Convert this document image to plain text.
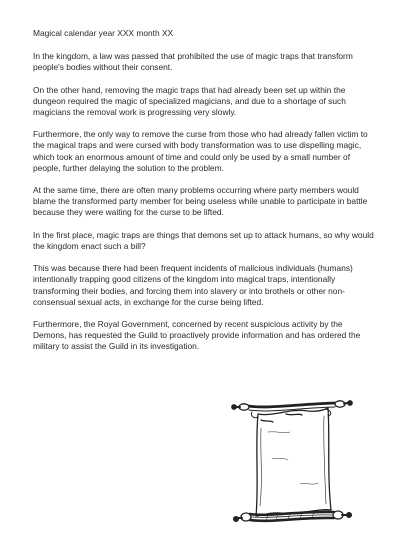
Magical calendar year XXX month XX

In the kingdom, a law was passed that prohibited the use of magic traps that transform people's bodies without their consent.

On the other hand, removing the magic traps that had already been set up within the dungeon required the magic of specialized magicians, and due to a shortage of such magicians the removal work is progressing very slowly.

Furthermore, the only way to remove the curse from those who had already fallen victim to the magical traps and were cursed with body transformation was to use dispelling magic, which took an enormous amount of time and could only be used by a small number of people, further delaying the solution to the problem.

At the same time, there are often many problems occurring where party members would blame the transformed party member for being useless while unable to participate in battle because they were waiting for the curse to be lifted.

In the first place, magic traps are things that demons set up to attack humans, so why would the kingdom enact such a bill?

This was because there had been frequent incidents of malicious individuals (humans) intentionally trapping good citizens of the kingdom into magical traps, intentionally transforming their bodies, and forcing them into slavery or into brothels or other non-consensual sexual acts, in exchange for the curse being lifted.

Furthermore, the Royal Government, concerned by recent suspicious activity by the Demons, has requested the Guild to proactively provide information and has ordered the military to assist the Guild in its investigation.
